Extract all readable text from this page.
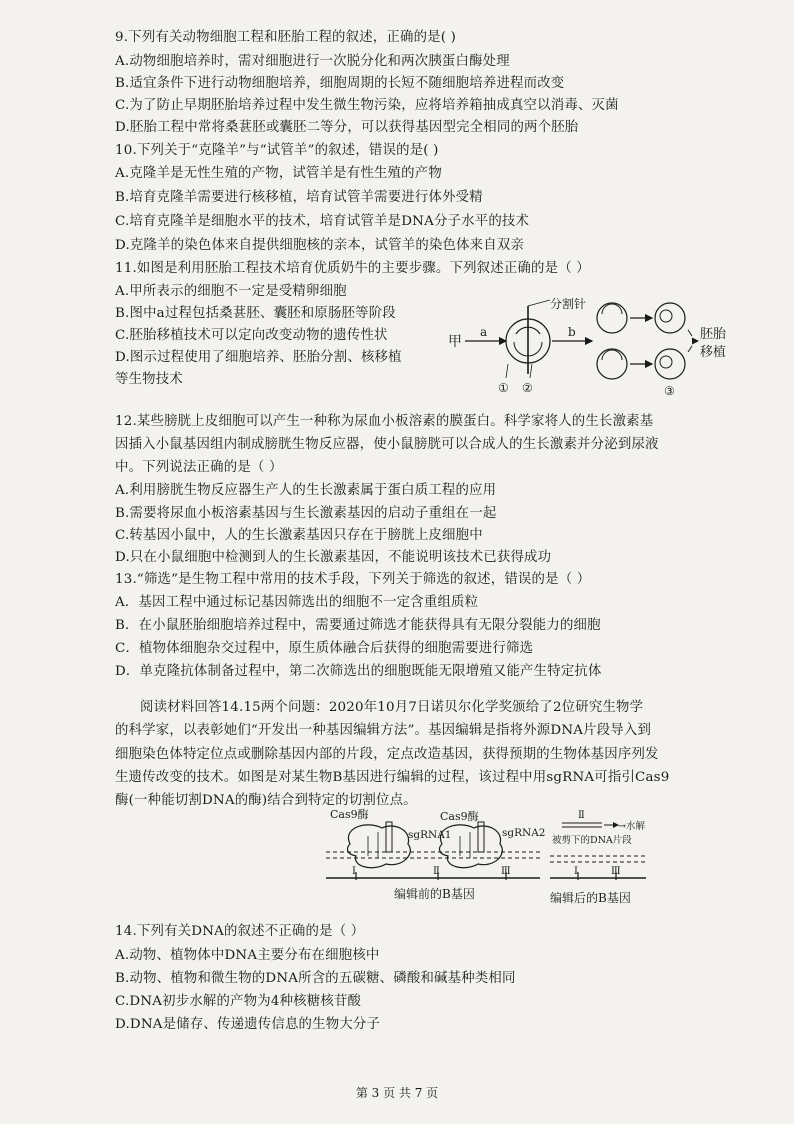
9.下列有关动物细胞工程和胚胎工程的叙述，正确的是( )
A.动物细胞培养时，需对细胞进行一次脱分化和两次胰蛋白酶处理
B.适宜条件下进行动物细胞培养，细胞周期的长短不随细胞培养进程而改变
C.为了防止早期胚胎培养过程中发生微生物污染，应将培养箱抽成真空以消毒、灭菌
D.胚胎工程中常将桑葚胚或囊胚二等分，可以获得基因型完全相同的两个胚胎
10.下列关于“克隆羊”与“试管羊”的叙述，错误的是( )
A.克隆羊是无性生殖的产物，试管羊是有性生殖的产物
B.培育克隆羊需要进行核移植，培育试管羊需要进行体外受精
C.培育克隆羊是细胞水平的技术，培育试管羊是DNA分子水平的技术
D.克隆羊的染色体来自提供细胞核的亲本，试管羊的染色体来自双亲
11.如图是利用胚胎工程技术培育优质奶牛的主要步骤。下列叙述正确的是（ ）
A.甲所表示的细胞不一定是受精卵细胞
B.图中a过程包括桑葚胚、囊胚和原肠胚等阶段
C.胚胎移植技术可以定向改变动物的遗传性状
D.图示过程使用了细胞培养、胚胎分割、核移植
等生物技术
甲
a
分割针
① ②
b
③
胚胎
移植
12.某些膀胱上皮细胞可以产生一种称为尿血小板溶素的膜蛋白。科学家将人的生长激素基
因插入小鼠基因组内制成膀胱生物反应器，使小鼠膀胱可以合成人的生长激素并分泌到尿液
中。下列说法正确的是（ ）
A.利用膀胱生物反应器生产人的生长激素属于蛋白质工程的应用
B.需要将尿血小板溶素基因与生长激素基因的启动子重组在一起
C.转基因小鼠中，人的生长激素基因只存在于膀胱上皮细胞中
D.只在小鼠细胞中检测到人的生长激素基因，不能说明该技术已获得成功
13.“筛选”是生物工程中常用的技术手段，下列关于筛选的叙述，错误的是（ ）
A．基因工程中通过标记基因筛选出的细胞不一定含重组质粒
B．在小鼠胚胎细胞培养过程中，需要通过筛选才能获得具有无限分裂能力的细胞
C．植物体细胞杂交过程中，原生质体融合后获得的细胞需要进行筛选
D．单克隆抗体制备过程中，第二次筛选出的细胞既能无限增殖又能产生特定抗体
阅读材料回答14.15两个问题：2020年10月7日诺贝尔化学奖颁给了2位研究生物学
的科学家，以表彰她们“开发出一种基因编辑方法”。基因编辑是指将外源DNA片段导入到
细胞染色体特定位点或删除基因内部的片段，定点改造基因，获得预期的生物体基因序列发
生遗传改变的技术。如图是对某生物B基因进行编辑的过程，该过程中用sgRNA可指引Cas9
酶(一种能切割DNA的酶)结合到特定的切割位点。
Ⅰ	Ⅱ	Ⅲ
Cas9酶	Cas9酶
sgRNA1	sgRNA2
编辑前的B基因
Ⅱ
→水解
被剪下的DNA片段
Ⅰ	Ⅲ
编辑后的B基因
14.下列有关DNA的叙述不正确的是（ ）
A.动物、植物体中DNA主要分布在细胞核中
B.动物、植物和微生物的DNA所含的五碳糖、磷酸和碱基种类相同
C.DNA初步水解的产物为4种核糖核苷酸
D.DNA是储存、传递遗传信息的生物大分子
第 3 页 共 7 页
